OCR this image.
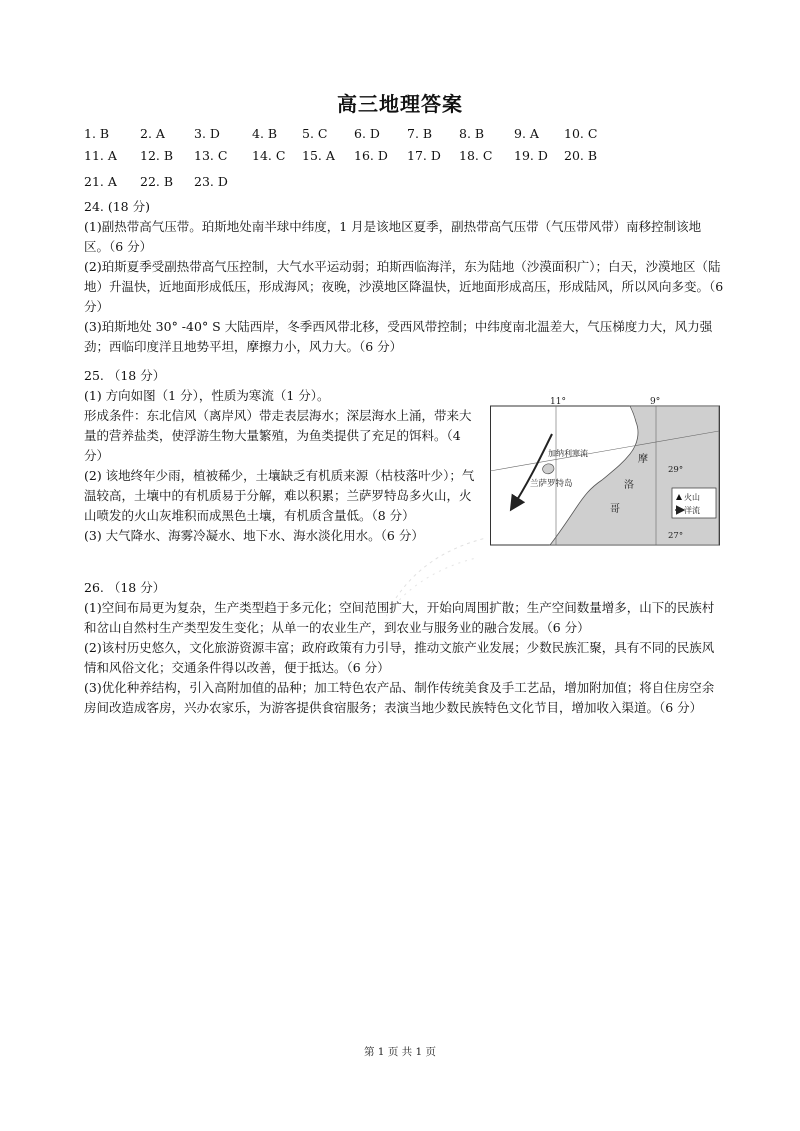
高三地理答案
1. B 2. A 3. D	4. B 5. C 6. D 7. B 8. B 9. A 10. C
11. A 12. B 13. C 14. C 15. A 16. D 17. D 18. C 19. D 20. B
21. A 22. B 23. D

24. (18 分)

(1)副热带高气压带。珀斯地处南半球中纬度，1 月是该地区夏季，副热带高气压带（气压带风带）南移控制该地区。（6 分）

(2)珀斯夏季受副热带高气压控制，大气水平运动弱；珀斯西临海洋，东为陆地（沙漠面积广）；白天，沙漠地区（陆地）升温快，近地面形成低压，形成海风；夜晚，沙漠地区降温快，近地面形成高压，形成陆风，所以风向多变。（6 分）

(3)珀斯地处 30° -40° S 大陆西岸，冬季西风带北移，受西风带控制；中纬度南北温差大，气压梯度力大，风力强劲；西临印度洋且地势平坦，摩擦力小，风力大。（6 分）

25. （18 分）

(1) 方向如图（1 分），性质为寒流（1 分）。

形成条件：东北信风（离岸风）带走表层海水；深层海水上涌，带来大量的营养盐类，使浮游生物大量繁殖，为鱼类提供了充足的饵料。（4 分）

(2) 该地终年少雨，植被稀少，土壤缺乏有机质来源（枯枝落叶少）；气温较高，土壤中的有机质易于分解，难以积累；兰萨罗特岛多火山，火山喷发的火山灰堆积而成黑色土壤，有机质含量低。（8 分）

(3) 大气降水、海雾冷凝水、地下水、海水淡化用水。（6 分）

11°	9°
29°
27°
加纳利寒流
兰萨罗特岛
摩
洛
哥
火山
洋流

26. （18 分）

(1)空间布局更为复杂，生产类型趋于多元化；空间范围扩大，开始向周围扩散；生产空间数量增多，山下的民族村和岔山自然村生产类型发生变化；从单一的农业生产，到农业与服务业的融合发展。（6 分）

(2)该村历史悠久，文化旅游资源丰富；政府政策有力引导，推动文旅产业发展；少数民族汇聚，具有不同的民族风情和风俗文化；交通条件得以改善，便于抵达。（6 分）

(3)优化种养结构，引入高附加值的品种；加工特色农产品、制作传统美食及手工艺品，增加附加值；将自住房空余房间改造成客房，兴办农家乐，为游客提供食宿服务；表演当地少数民族特色文化节目，增加收入渠道。（6 分）

第 1 页 共 1 页
